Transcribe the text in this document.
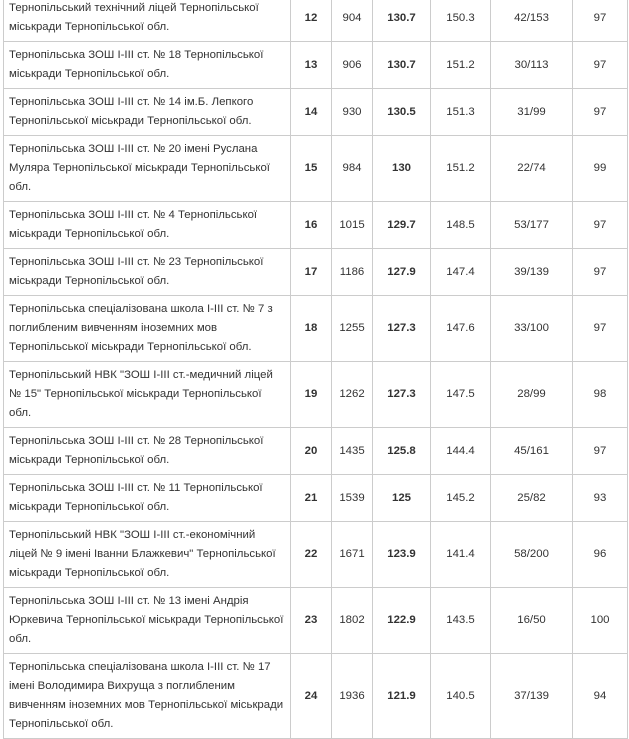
Тернопільський технічний ліцей Тернопільської міськради Тернопільської обл.	12	904	130.7	150.3	42/153	97
Тернопільська ЗОШ І-ІІІ ст. № 18 Тернопільської міськради Тернопільської обл.	13	906	130.7	151.2	30/113	97
Тернопільська ЗОШ І-ІІІ ст. № 14 ім.Б. Лепкого Тернопільської міськради Тернопільської обл.	14	930	130.5	151.3	31/99	97
Тернопільська ЗОШ І-ІІІ ст. № 20 імені Руслана Муляра Тернопільської міськради Тернопільської обл.	15	984	130	151.2	22/74	99
Тернопільська ЗОШ І-ІІІ ст. № 4 Тернопільської міськради Тернопільської обл.	16	1015	129.7	148.5	53/177	97
Тернопільська ЗОШ І-ІІІ ст. № 23 Тернопільської міськради Тернопільської обл.	17	1186	127.9	147.4	39/139	97
Тернопільська спеціалізована школа І-ІІІ ст. № 7 з поглибленим вивченням іноземних мов Тернопільської міськради Тернопільської обл.	18	1255	127.3	147.6	33/100	97
Тернопільський НВК "ЗОШ І-ІІІ ст.-медичний ліцей № 15" Тернопільської міськради Тернопільської обл.	19	1262	127.3	147.5	28/99	98
Тернопільська ЗОШ І-ІІІ ст. № 28 Тернопільської міськради Тернопільської обл.	20	1435	125.8	144.4	45/161	97
Тернопільська ЗОШ І-ІІІ ст. № 11 Тернопільської міськради Тернопільської обл.	21	1539	125	145.2	25/82	93
Тернопільський НВК "ЗОШ І-ІІІ ст.-економічний ліцей № 9 імені Іванни Блажкевич" Тернопільської міськради Тернопільської обл.	22	1671	123.9	141.4	58/200	96
Тернопільська ЗОШ І-ІІІ ст. № 13 імені Андрія Юркевича Тернопільської міськради Тернопільської обл.	23	1802	122.9	143.5	16/50	100
Тернопільська спеціалізована школа І-ІІІ ст. № 17 імені Володимира Вихруща з поглибленим вивченням іноземних мов Тернопільської міськради Тернопільської обл.	24	1936	121.9	140.5	37/139	94
